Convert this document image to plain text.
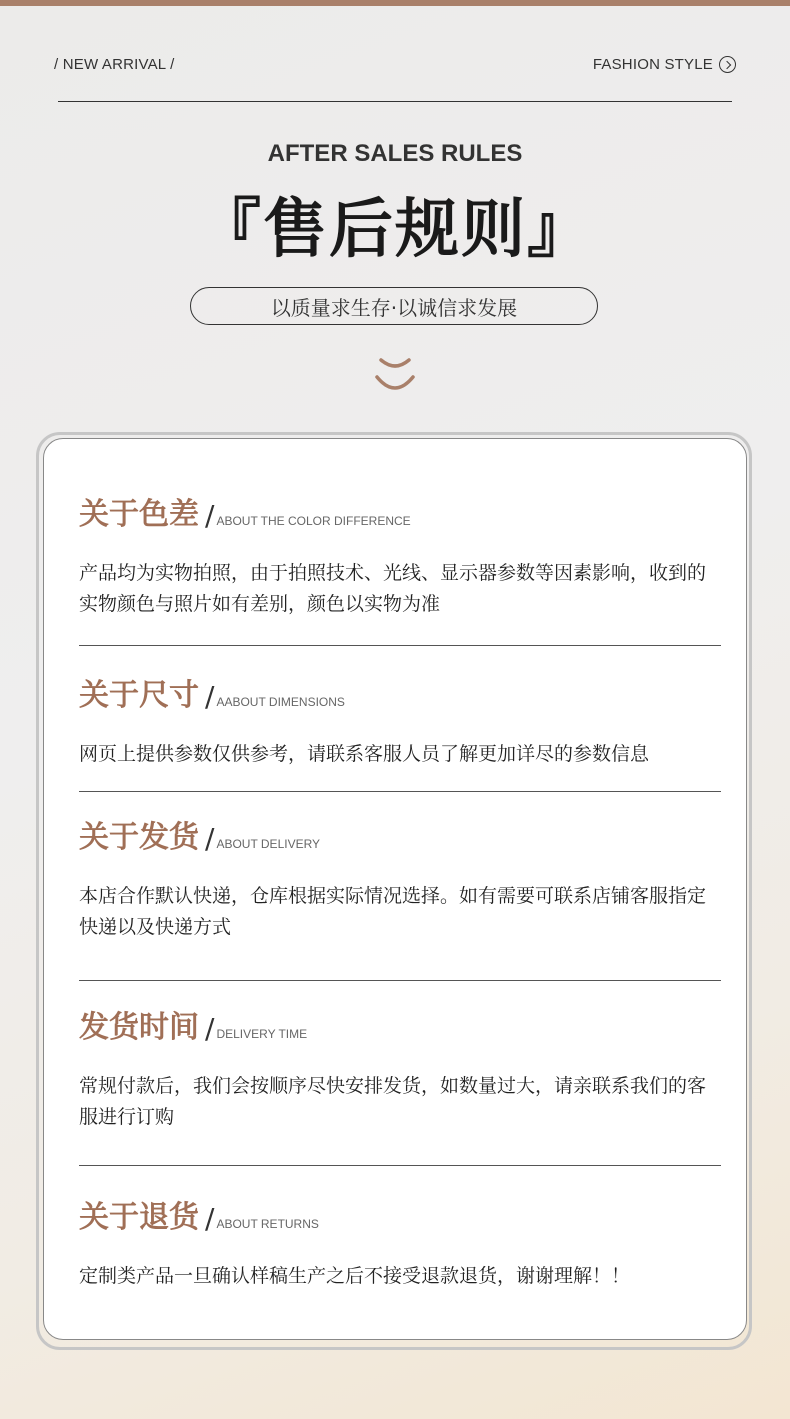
/ NEW ARRIVAL /	FASHION STYLE
AFTER SALES RULES
『售后规则』
以质量求生存·以诚信求发展
关于色差 / ABOUT THE COLOR DIFFERENCE
产品均为实物拍照，由于拍照技术、光线、显示器参数等因素影响，收到的实物颜色与照片如有差别，颜色以实物为准
关于尺寸 / AABOUT DIMENSIONS
网页上提供参数仅供参考，请联系客服人员了解更加详尽的参数信息
关于发货 / ABOUT DELIVERY
本店合作默认快递，仓库根据实际情况选择。如有需要可联系店铺客服指定快递以及快递方式
发货时间 / DELIVERY TIME
常规付款后，我们会按顺序尽快安排发货，如数量过大，请亲联系我们的客服进行订购
关于退货 / ABOUT RETURNS
定制类产品一旦确认样稿生产之后不接受退款退货，谢谢理解！！
